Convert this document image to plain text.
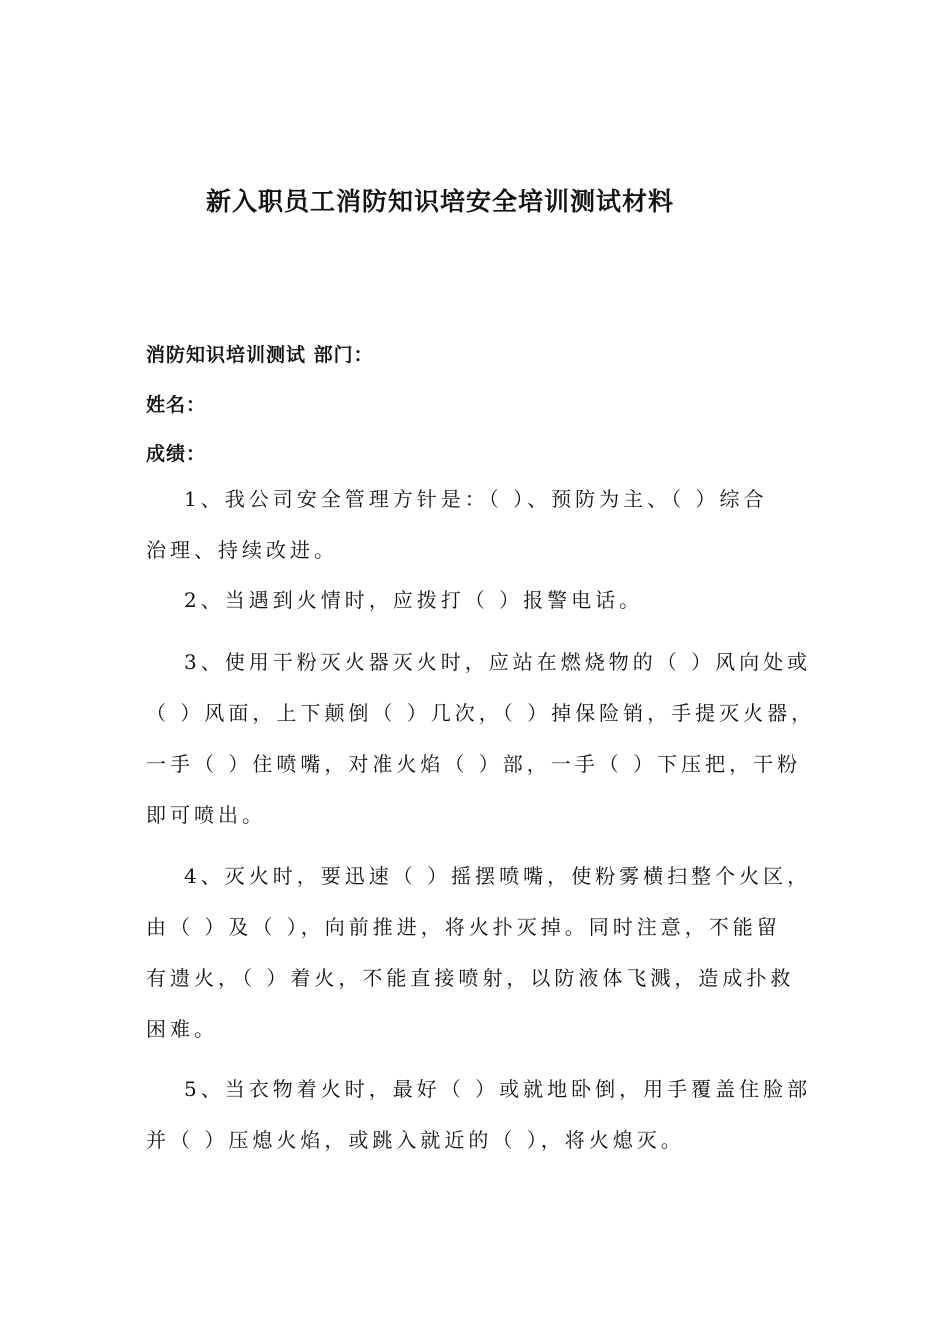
新入职员工消防知识培安全培训测试材料
消防知识培训测试 部门：
姓名：
成绩：
1、我公司安全管理方针是：（ ）、预防为主、（ ）综合
治理、持续改进。
2、当遇到火情时，应拨打（ ）报警电话。
3、使用干粉灭火器灭火时，应站在燃烧物的（ ）风向处或
（ ）风面，上下颠倒（ ）几次，（ ）掉保险销，手提灭火器，
一手（ ）住喷嘴，对准火焰（ ）部，一手（ ）下压把，干粉
即可喷出。
4、灭火时，要迅速（ ）摇摆喷嘴，使粉雾横扫整个火区，
由（ ）及（ ），向前推进，将火扑灭掉。同时注意，不能留
有遗火，（ ）着火，不能直接喷射，以防液体飞溅，造成扑救
困难。
5、当衣物着火时，最好（ ）或就地卧倒，用手覆盖住脸部
并（ ）压熄火焰，或跳入就近的（ ），将火熄灭。
